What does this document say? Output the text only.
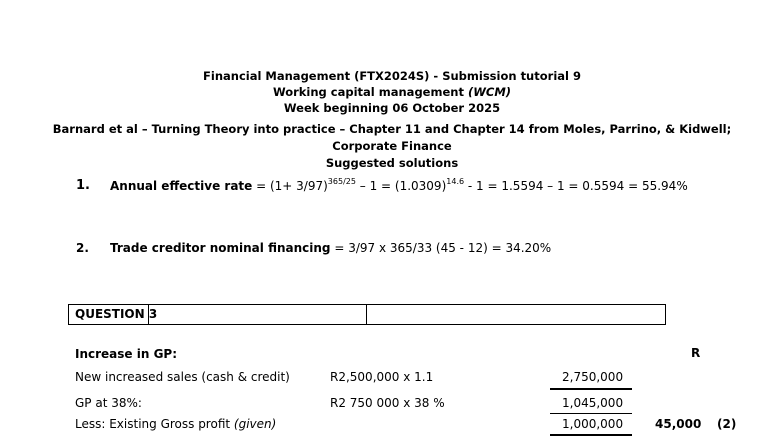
Financial Management (FTX2024S) - Submission tutorial 9
Working capital management (WCM)
Week beginning 06 October 2025
Barnard et al – Turning Theory into practice – Chapter 11 and Chapter 14 from Moles, Parrino, & Kidwell;
Corporate Finance
Suggested solutions
1. Annual effective rate = $(1+ 3/97)^{365/25} - 1 = (1.0309)^{14.6} - 1 = 1.5594 - 1 = 0.5594 = 55.94\%$
2. Trade creditor nominal financing = 3/97 x 365/33 (45 - 12) = 34.20%
QUESTION 3
R
Increase in GP:
New increased sales (cash & credit)	R2,500,000 x 1.1	2,750,000
GP at 38%:	R2 750 000 x 38 %	1,045,000
Less: Existing Gross profit (given)	1,000,000	45,000 (2)
